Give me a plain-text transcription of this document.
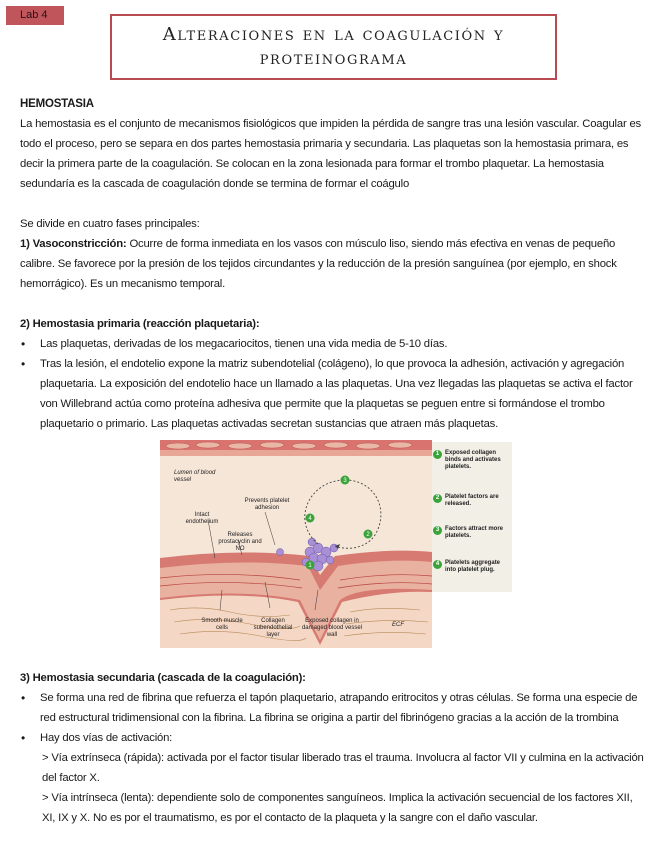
Lab 4
Alteraciones en la coagulación y
proteinograma

HEMOSTASIA

La hemostasia es el conjunto de mecanismos fisiológicos que impiden la pérdida de sangre tras una lesión vascular. Coagular es todo el proceso, pero se separa en dos partes hemostasia primaria y secundaria. Las plaquetas son la hemostasia primara, es decir la primera parte de la coagulación. Se colocan en la zona lesionada para formar el trombo plaquetar. La hemostasia sedundaría es la cascada de coagulación donde se termina de formar el coágulo

Se divide en cuatro fases principales:

1) Vasoconstricción: Ocurre de forma inmediata en los vasos con músculo liso, siendo más efectiva en venas de pequeño calibre. Se favorece por la presión de los tejidos circundantes y la reducción de la presión sanguínea (por ejemplo, en shock hemorrágico). Es un mecanismo temporal.

2) Hemostasia primaria (reacción plaquetaria):

• Las plaquetas, derivadas de los megacariocitos, tienen una vida media de 5-10 días.
• Tras la lesión, el endotelio expone la matriz subendotelial (colágeno), lo que provoca la adhesión, activación y agregación plaquetaria. La exposición del endotelio hace un llamado a las plaquetas. Una vez llegadas las plaquetas se activa el factor von Willebrand actúa como proteína adhesiva que permite que la plaquetas se peguen entre si formándose el trombo plaquetario o primario. Las plaquetas activadas secretan sustancias que atraen más plaquetas.
1
4
3
2
Lumen of blood vessel
Prevents platelet adhesion
Intact endothelium
Releases prostacyclin and NO
Smooth muscle cells
Collagen subendothelial layer
Exposed collagen in damaged blood vessel wall
ECF
1 Exposed collagen binds and activates platelets.
2 Platelet factors are released.
3 Factors attract more platelets.
4 Platelets aggregate into platelet plug.

3) Hemostasia secundaria (cascada de la coagulación):

• Se forma una red de fibrina que refuerza el tapón plaquetario, atrapando eritrocitos y otras células. Se forma una especie de red estructural tridimensional con la fibrina. La fibrina se origina a partir del fibrinógeno gracias a la acción de la trombina
• Hay dos vías de activación:

> Vía extrínseca (rápida): activada por el factor tisular liberado tras el trauma. Involucra al factor VII y culmina en la activación del factor X.

> Vía intrínseca (lenta): dependiente solo de componentes sanguíneos. Implica la activación secuencial de los factores XII, XI, IX y X. No es por el traumatismo, es por el contacto de la plaqueta y la sangre con el daño vascular.
